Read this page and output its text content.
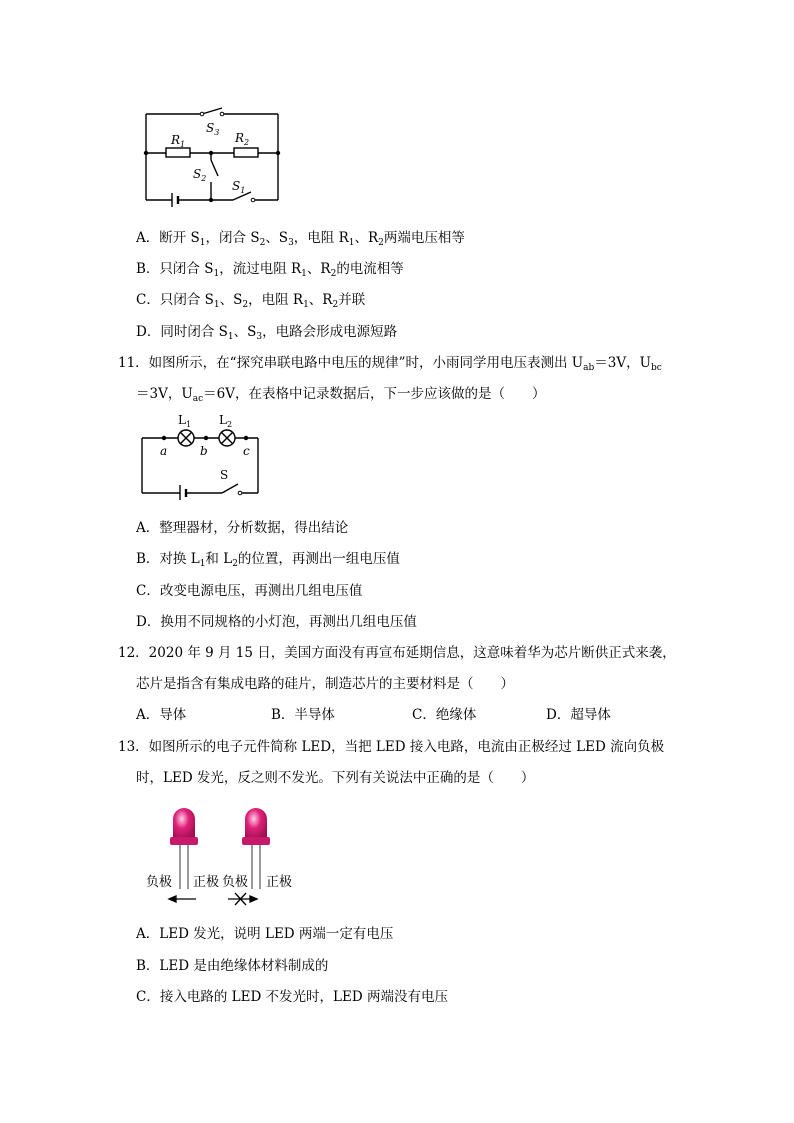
$S_3$
$R_1$	$R_2$
$S_2$
$S_1$
A．断开 $S_1$，闭合 $S_2$、$S_3$，电阻 $R_1$、$R_2$两端电压相等
B．只闭合 $S_1$，流过电阻 $R_1$、$R_2$的电流相等
C．只闭合 $S_1$、$S_2$，电阻 $R_1$、$R_2$并联
D．同时闭合 $S_1$、$S_3$，电路会形成电源短路
11．如图所示，在“探究串联电路中电压的规律”时，小雨同学用电压表测出 $U_{ab}=3V$，$U_{bc}$
＝3V，$U_{ac}=6V$，在表格中记录数据后，下一步应该做的是（　　）
$L_1$ $L_2$
a	b	c
S
A．整理器材，分析数据，得出结论
B．对换 $L_1$和 $L_2$的位置，再测出一组电压值
C．改变电源电压，再测出几组电压值
D．换用不同规格的小灯泡，再测出几组电压值
12．2020 年 9 月 15 日，美国方面没有再宣布延期信息，这意味着华为芯片断供正式来袭，
芯片是指含有集成电路的硅片，制造芯片的主要材料是（　　）
A．导体	B．半导体	C．绝缘体	D．超导体
13．如图所示的电子元件简称 LED，当把 LED 接入电路，电流由正极经过 LED 流向负极
时，LED 发光，反之则不发光。下列有关说法中正确的是（　　）
负极 正极 负极 正极
A．LED 发光，说明 LED 两端一定有电压
B．LED 是由绝缘体材料制成的
C．接入电路的 LED 不发光时，LED 两端没有电压
